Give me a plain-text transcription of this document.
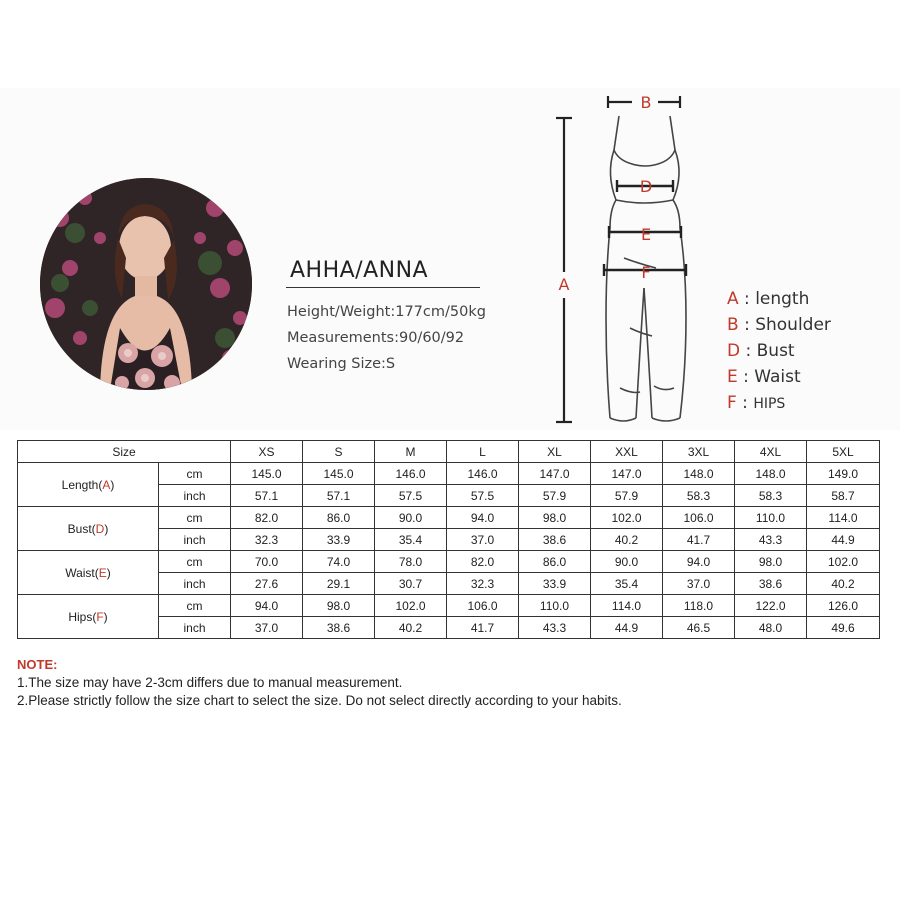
AHHA/ANNA
Height/Weight:177cm/50kg
Measurements:90/60/92
Wearing Size:S
B
A
D
E
F
A : length
B : Shoulder
D : Bust
E : Waist
F : HIPS
Size		XS	S	M	L	XL	XXL	3XL	4XL	5XL
Length(A)	cm	145.0	145.0	146.0	146.0	147.0	147.0	148.0	148.0	149.0
	inch	57.1	57.1	57.5	57.5	57.9	57.9	58.3	58.3	58.7
Bust(D)	cm	82.0	86.0	90.0	94.0	98.0	102.0	106.0	110.0	114.0
	inch	32.3	33.9	35.4	37.0	38.6	40.2	41.7	43.3	44.9
Waist(E)	cm	70.0	74.0	78.0	82.0	86.0	90.0	94.0	98.0	102.0
	inch	27.6	29.1	30.7	32.3	33.9	35.4	37.0	38.6	40.2
Hips(F)	cm	94.0	98.0	102.0	106.0	110.0	114.0	118.0	122.0	126.0
	inch	37.0	38.6	40.2	41.7	43.3	44.9	46.5	48.0	49.6
NOTE:
1.The size may have 2-3cm differs due to manual measurement.
2.Please strictly follow the size chart to select the size. Do not select directly according to your habits.
